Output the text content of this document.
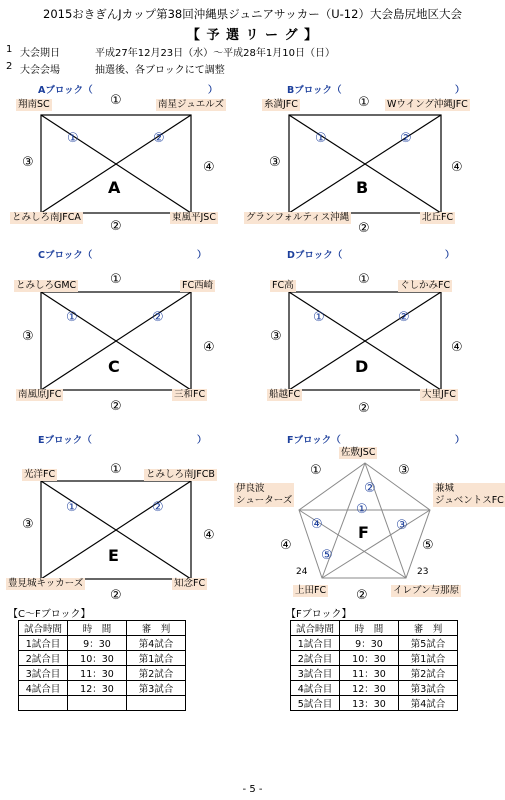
2015おきぎんJカップ第38回沖縄県ジュニアサッカー（U-12）大会島尻地区大会
【 予 選 リ ー グ 】
1 大会期日	平成27年12月23日（水）～平成28年1月10日（日）
2 大会会場	抽選後、各ブロックにて調整
Aブロック（	）
翔南SC	南星ジュエルズ
とみしろ南JFCA	東風平JSC
①
①	②
③	④
②
A
Bブロック（	）
糸満JFC	Wウイング沖縄JFC
グランフォルティス沖縄	北丘FC
①
①	②
③	④
②
B
Cブロック（	）
とみしろGMC	FC西崎
南風原JFC	三和FC
①
①	②
③
④
②
C
Dブロック（	）
FC高	ぐしかみFC
船越FC	大里JFC
①
①	②
③
④
②
D
Eブロック（	）
光洋FC	とみしろ南JFCB
豊見城キッカーズ	知念FC
①
①	②
③
④
②
E
Fブロック（	）
佐敷JSC
伊良波
シューターズ
兼城
ジュベントスFC
上田FC	イレブン与那原
24	23
①	③
②
①
④	③
⑤
④	⑤
②
F
【C～Fブロック】
試合時間	時　間	審　判
1試合目	9：30	第4試合
2試合目	10：30	第1試合
3試合目	11：30	第2試合
4試合目	12：30	第3試合

【Fブロック】
試合時間	時　間	審　判
1試合目	9：30	第5試合
2試合目	10：30	第1試合
3試合目	11：30	第2試合
4試合目	12：30	第3試合
5試合目	13：30	第4試合
- 5 -
